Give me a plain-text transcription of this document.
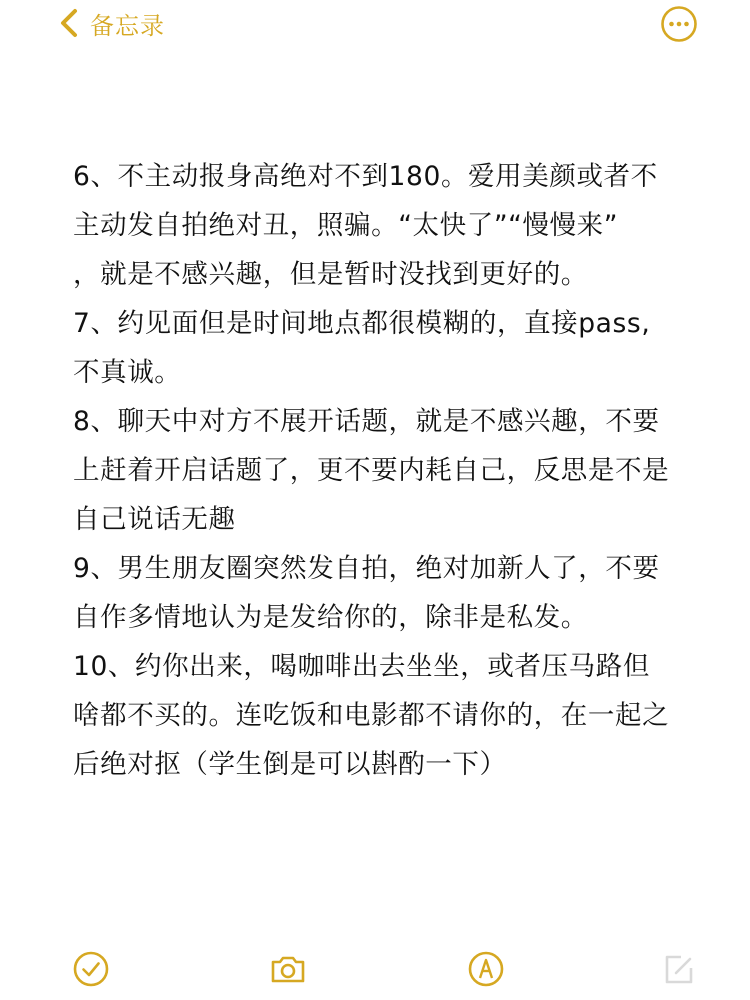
备忘录
6、不主动报身高绝对不到180。爱用美颜或者不
主动发自拍绝对丑，照骗。“太快了”“慢慢来”
，就是不感兴趣，但是暂时没找到更好的。
7、约见面但是时间地点都很模糊的，直接pass,
不真诚。
8、聊天中对方不展开话题，就是不感兴趣，不要
上赶着开启话题了，更不要内耗自己，反思是不是
自己说话无趣
9、男生朋友圈突然发自拍，绝对加新人了，不要
自作多情地认为是发给你的，除非是私发。
10、约你出来，喝咖啡出去坐坐，或者压马路但
啥都不买的。连吃饭和电影都不请你的，在一起之
后绝对抠（学生倒是可以斟酌一下）
